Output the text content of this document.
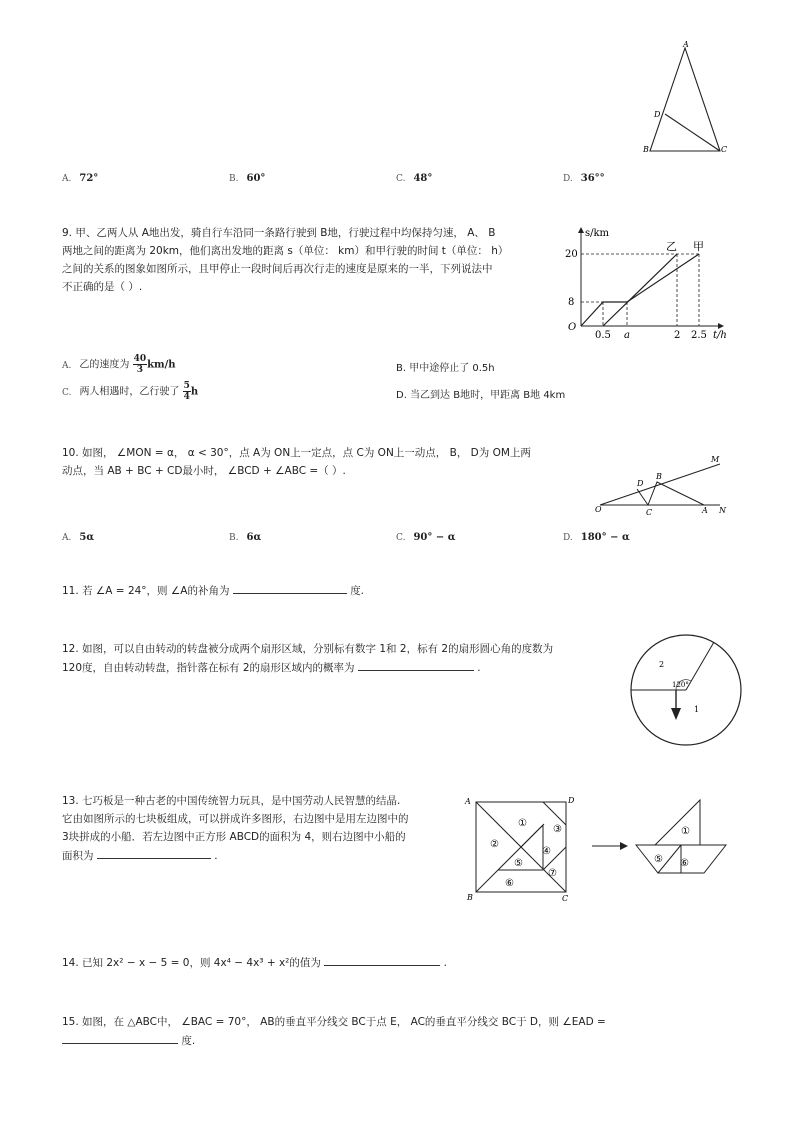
A
D
B	C
A. 72°	B. 60°	C. 48°	D. 36°°
9. 甲、乙两人从 A地出发，骑自行车沿同一条路行驶到 B地，行驶过程中均保持匀速， A、 B
两地之间的距离为 20km，他们离出发地的距离 s（单位： km）和甲行驶的时间 t（单位： h）
之间的关系的图象如图所示，且甲停止一段时间后再次行走的速度是原来的一半，下列说法中
不正确的是（ ）.
s/km
t/h
O
20
8
0.5 a	2 2.5
乙 甲
A. 乙的速度为 $\frac{40}{3} km/h$	B. 甲中途停止了 0.5h
C. 两人相遇时，乙行驶了 $\frac{5}{4}$ h	D. 当乙到达 B地时，甲距离 B地 4km
10. 如图， ∠MON = α， α < 30°，点 A为 ON上一定点，点 C为 ON上一动点， B， D为 OM上两
动点，当 AB + BC + CD最小时， ∠BCD + ∠ABC =（ ）.
O
M
N
A
B
C
D
A. 5α	B. 6α	C. 90° − α	D. 180° − α
11. 若 ∠A = 24°，则 ∠A的补角为	度.
12. 如图，可以自由转动的转盘被分成两个扇形区域，分别标有数字 1和 2，标有 2的扇形圆心角的度数为
120度，自由转动转盘，指针落在标有 2的扇形区域内的概率为	.	2
1
120°
13. 七巧板是一种古老的中国传统智力玩具，是中国劳动人民智慧的结晶.
它由如图所示的七块板组成，可以拼成许多图形，右边图中是用左边图中的
3块拼成的小船．若左边图中正方形 ABCD的面积为 4，则右边图中小船的
面积为	.
A	D
B	C
①
②
③
④
⑤
⑥
⑦
①
⑤ ⑥
14. 已知 2x² − x − 5 = 0，则 4x⁴ − 4x³ + x²的值为	.
15. 如图，在 △ABC中， ∠BAC = 70°， AB的垂直平分线交 BC于点 E， AC的垂直平分线交 BC于 D，则 ∠EAD =
度.
